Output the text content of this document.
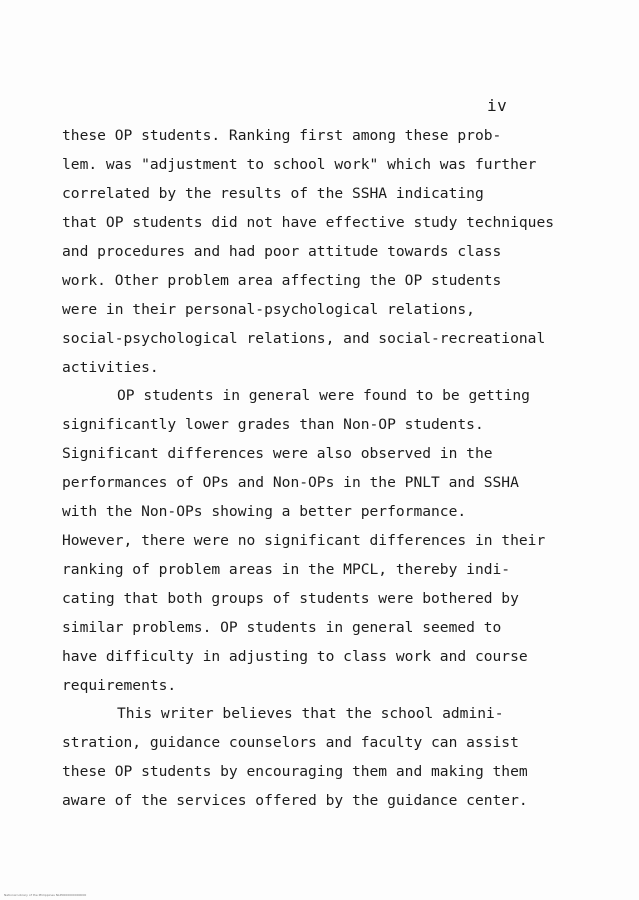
iv
these OP students. Ranking first among these prob-
lem. was "adjustment to school work" which was further
correlated by the results of the SSHA indicating
that OP students did not have effective study techniques
and procedures and had poor attitude towards class
work. Other problem area affecting the OP students
were in their personal-psychological relations,
social-psychological relations, and social-recreational
activities.
OP students in general were found to be getting
significantly lower grades than Non-OP students.
Significant differences were also observed in the
performances of OPs and Non-OPs in the PNLT and SSHA
with the Non-OPs showing a better performance.
However, there were no significant differences in their
ranking of problem areas in the MPCL, thereby indi-
cating that both groups of students were bothered by
similar problems. OP students in general seemed to
have difficulty in adjusting to class work and course
requirements.
This writer believes that the school admini-
stration, guidance counselors and faculty can assist
these OP students by encouraging them and making them
aware of the services offered by the guidance center.
National Library of the Philippines NLP0000000000000
